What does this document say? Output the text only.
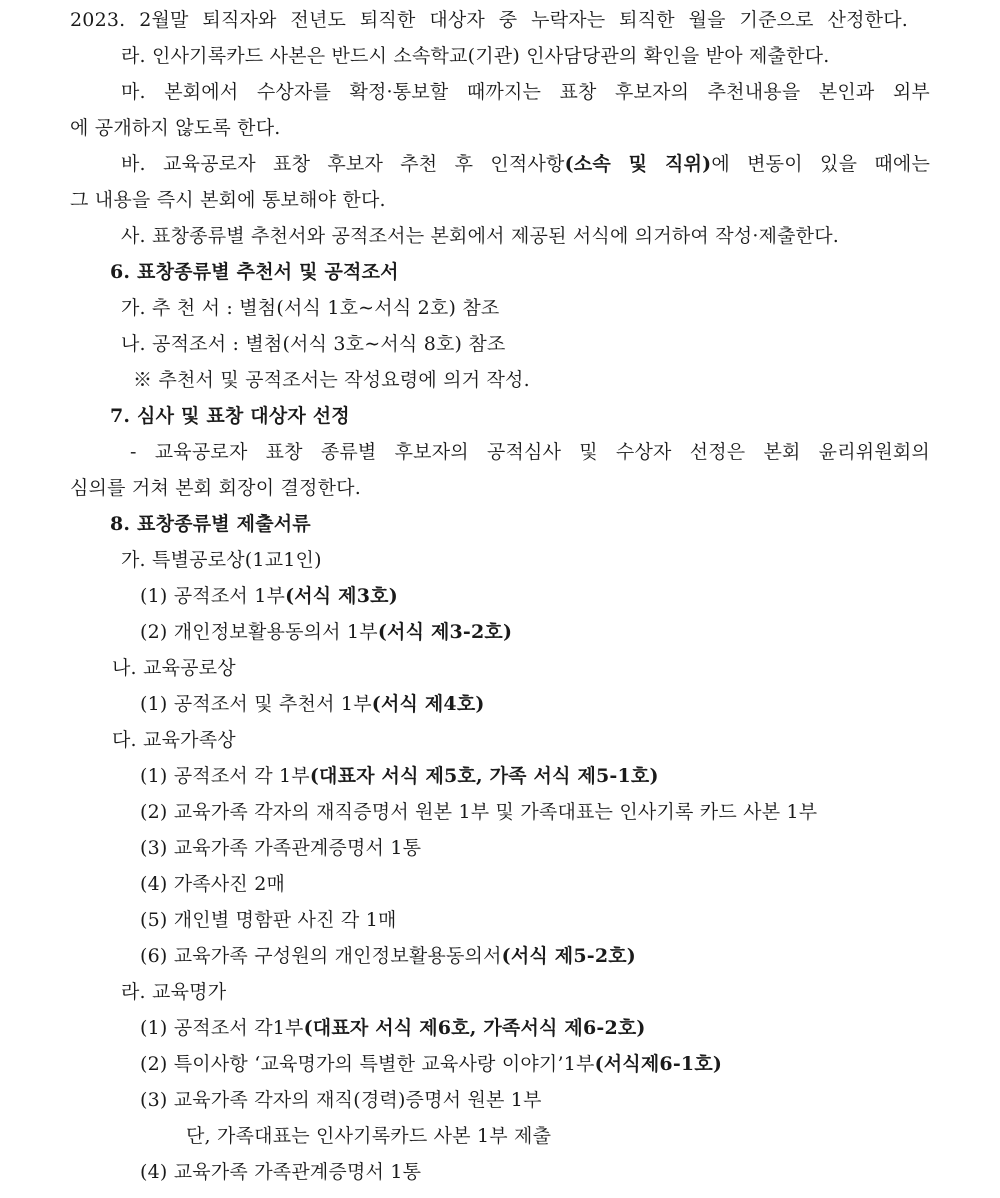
2023. 2월말 퇴직자와 전년도 퇴직한 대상자 중 누락자는 퇴직한 월을 기준으로 산정한다.
라. 인사기록카드 사본은 반드시 소속학교(기관) 인사담당관의 확인을 받아 제출한다.
마. 본회에서 수상자를 확정·통보할 때까지는 표창 후보자의 추천내용을 본인과 외부
에 공개하지 않도록 한다.
바. 교육공로자 표창 후보자 추천 후 인적사항(소속 및 직위)에 변동이 있을 때에는
그 내용을 즉시 본회에 통보해야 한다.
사. 표창종류별 추천서와 공적조서는 본회에서 제공된 서식에 의거하여 작성·제출한다.
6. 표창종류별 추천서 및 공적조서
가. 추 천 서 : 별첨(서식 1호∼서식 2호) 참조
나. 공적조서 : 별첨(서식 3호∼서식 8호) 참조
※ 추천서 및 공적조서는 작성요령에 의거 작성.
7. 심사 및 표창 대상자 선정
- 교육공로자 표창 종류별 후보자의 공적심사 및 수상자 선정은 본회 윤리위원회의
심의를 거쳐 본회 회장이 결정한다.
8. 표창종류별 제출서류
가. 특별공로상(1교1인)
(1) 공적조서 1부(서식 제3호)
(2) 개인정보활용동의서 1부(서식 제3-2호)
나. 교육공로상
(1) 공적조서 및 추천서 1부(서식 제4호)
다. 교육가족상
(1) 공적조서 각 1부(대표자 서식 제5호, 가족 서식 제5-1호)
(2) 교육가족 각자의 재직증명서 원본 1부 및 가족대표는 인사기록 카드 사본 1부
(3) 교육가족 가족관계증명서 1통
(4) 가족사진 2매
(5) 개인별 명함판 사진 각 1매
(6) 교육가족 구성원의 개인정보활용동의서(서식 제5-2호)
라. 교육명가
(1) 공적조서 각1부(대표자 서식 제6호, 가족서식 제6-2호)
(2) 특이사항 ‘교육명가의 특별한 교육사랑 이야기’1부(서식제6-1호)
(3) 교육가족 각자의 재직(경력)증명서 원본 1부
단, 가족대표는 인사기록카드 사본 1부 제출
(4) 교육가족 가족관계증명서 1통
